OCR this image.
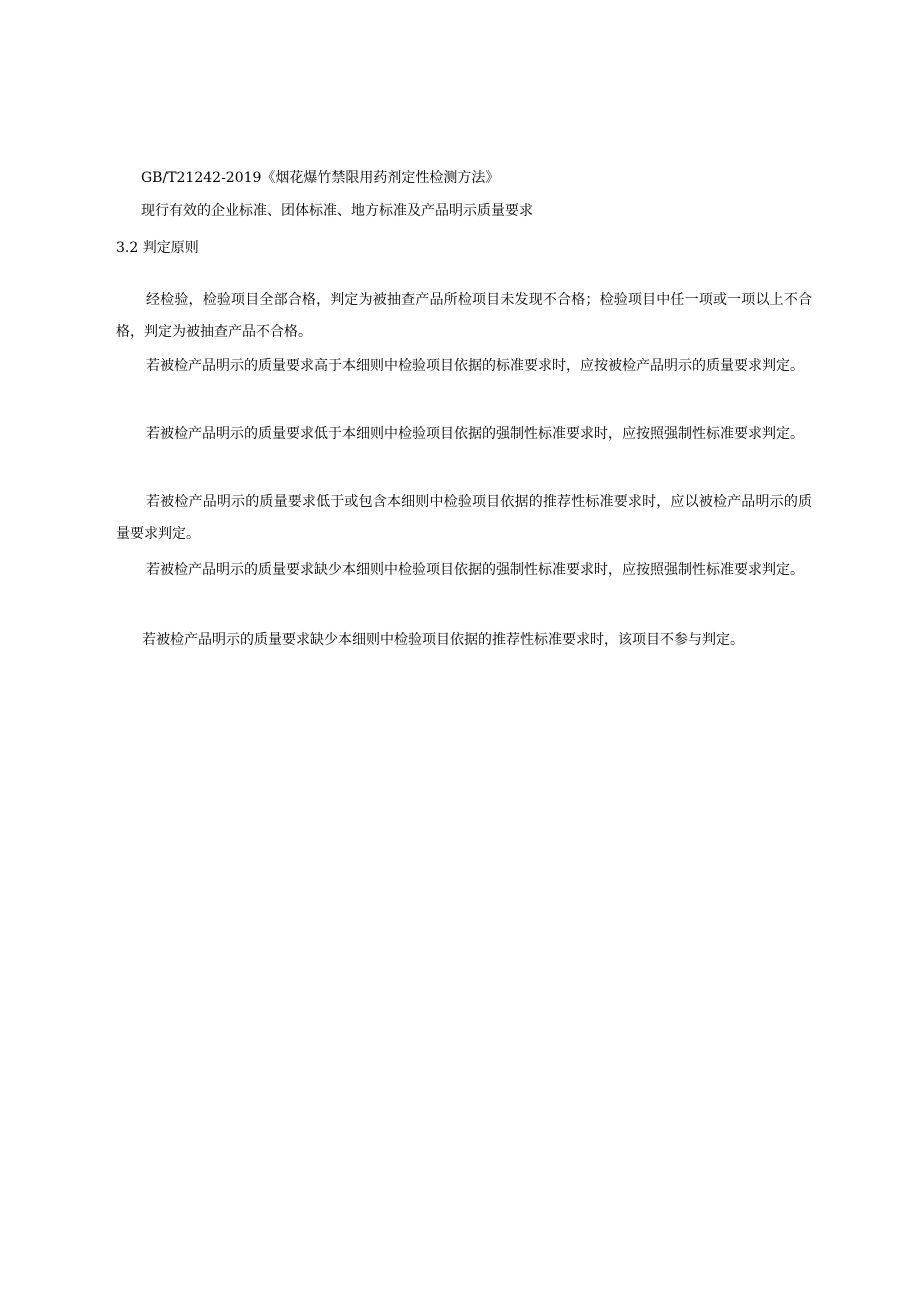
GB/T21242-2019《烟花爆竹禁限用药剂定性检测方法》
现行有效的企业标准、团体标准、地方标准及产品明示质量要求
3.2 判定原则
经检验，检验项目全部合格，判定为被抽查产品所检项目未发现不合格；检验项目中任一项或一项以上不合格，判定为被抽查产品不合格。
若被检产品明示的质量要求高于本细则中检验项目依据的标准要求时，应按被检产品明示的质量要求判定。
若被检产品明示的质量要求低于本细则中检验项目依据的强制性标准要求时，应按照强制性标准要求判定。
若被检产品明示的质量要求低于或包含本细则中检验项目依据的推荐性标准要求时，应以被检产品明示的质量要求判定。
若被检产品明示的质量要求缺少本细则中检验项目依据的强制性标准要求时，应按照强制性标准要求判定。
若被检产品明示的质量要求缺少本细则中检验项目依据的推荐性标准要求时，该项目不参与判定。
